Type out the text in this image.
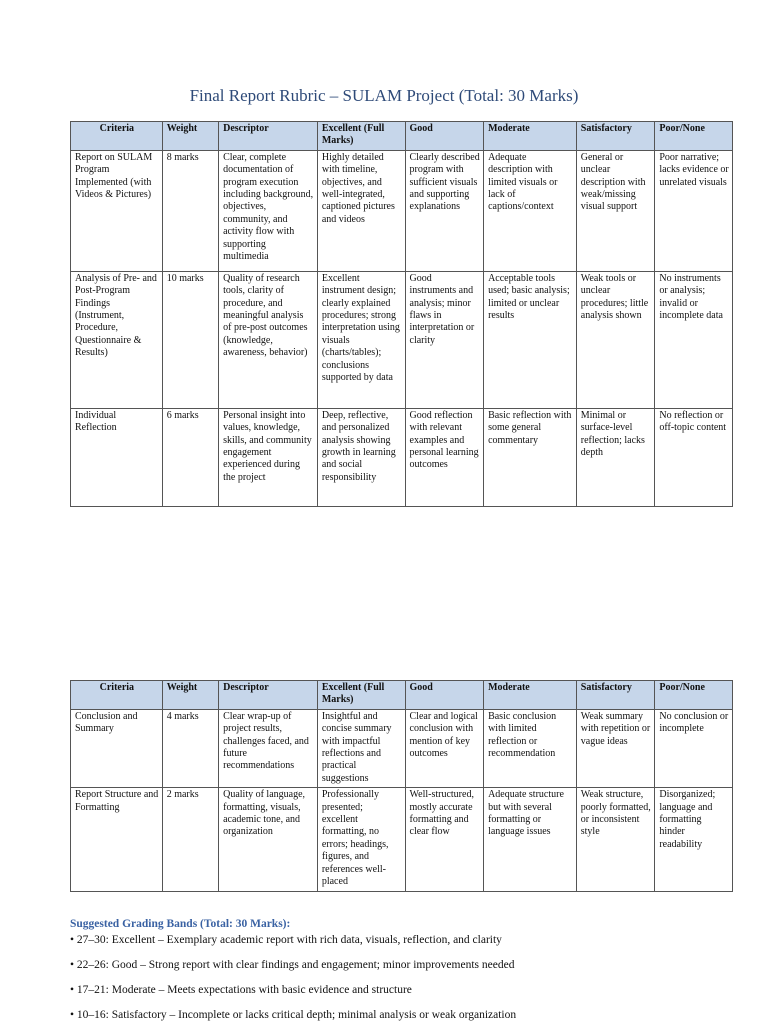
Final Report Rubric – SULAM Project (Total: 30 Marks)
Criteria	Weight	Descriptor	Excellent (Full Marks)	Good	Moderate	Satisfactory	Poor/None
Report on SULAM Program Implemented (with Videos & Pictures)	8 marks	Clear, complete documentation of program execution including background, objectives, community, and activity flow with supporting multimedia	Highly detailed with timeline, objectives, and well-integrated, captioned pictures and videos	Clearly described program with sufficient visuals and supporting explanations	Adequate description with limited visuals or lack of captions/context	General or unclear description with weak/missing visual support	Poor narrative; lacks evidence or unrelated visuals
Analysis of Pre- and Post-Program Findings (Instrument, Procedure, Questionnaire & Results)	10 marks	Quality of research tools, clarity of procedure, and meaningful analysis of pre-post outcomes (knowledge, awareness, behavior)	Excellent instrument design; clearly explained procedures; strong interpretation using visuals (charts/tables); conclusions supported by data	Good instruments and analysis; minor flaws in interpretation or clarity	Acceptable tools used; basic analysis; limited or unclear results	Weak tools or unclear procedures; little analysis shown	No instruments or analysis; invalid or incomplete data
Individual Reflection	6 marks	Personal insight into values, knowledge, skills, and community engagement experienced during the project	Deep, reflective, and personalized analysis showing growth in learning and social responsibility	Good reflection with relevant examples and personal learning outcomes	Basic reflection with some general commentary	Minimal or surface-level reflection; lacks depth	No reflection or off-topic content
Criteria	Weight	Descriptor	Excellent (Full Marks)	Good	Moderate	Satisfactory	Poor/None
Conclusion and Summary	4 marks	Clear wrap-up of project results, challenges faced, and future recommendations	Insightful and concise summary with impactful reflections and practical suggestions	Clear and logical conclusion with mention of key outcomes	Basic conclusion with limited reflection or recommendation	Weak summary with repetition or vague ideas	No conclusion or incomplete
Report Structure and Formatting	2 marks	Quality of language, formatting, visuals, academic tone, and organization	Professionally presented; excellent formatting, no errors; headings, figures, and references well-placed	Well-structured, mostly accurate formatting and clear flow	Adequate structure but with several formatting or language issues	Weak structure, poorly formatted, or inconsistent style	Disorganized; language and formatting hinder readability
Suggested Grading Bands (Total: 30 Marks):
• 27–30: Excellent – Exemplary academic report with rich data, visuals, reflection, and clarity
• 22–26: Good – Strong report with clear findings and engagement; minor improvements needed
• 17–21: Moderate – Meets expectations with basic evidence and structure
• 10–16: Satisfactory – Incomplete or lacks critical depth; minimal analysis or weak organization
